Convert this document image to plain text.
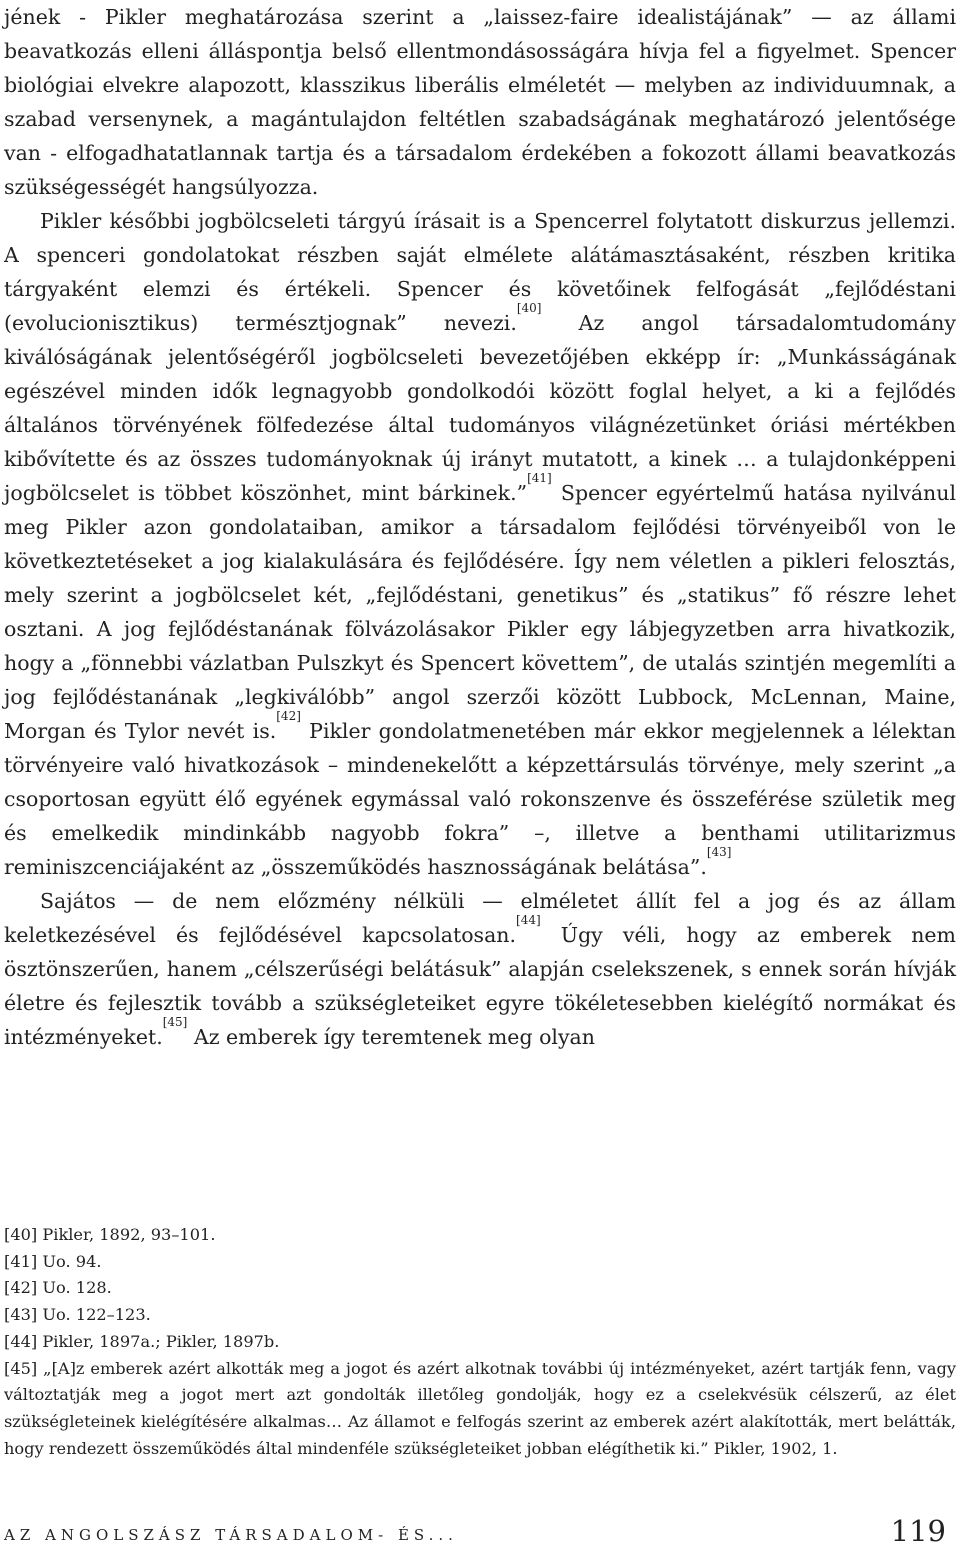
jének - Pikler meghatározása szerint a „laissez-faire idealistájának” — az állami beavatkozás elleni álláspontja belső ellentmondásosságára hívja fel a figyelmet. Spencer biológiai elvekre alapozott, klasszikus liberális elméletét — melyben az individuumnak, a szabad versenynek, a magántulajdon feltétlen szabadságának meghatározó jelentősége van - elfogadhatatlannak tartja és a társadalom érdekében a fokozott állami beavatkozás szükségességét hangsúlyozza.

Pikler későbbi jogbölcseleti tárgyú írásait is a Spencerrel folytatott diskurzus jellemzi. A spenceri gondolatokat részben saját elmélete alátámasztásaként, részben kritika tárgyaként elemzi és értékeli. Spencer és követőinek felfogását „fejlődéstani (evolucionisztikus) természtjognak” nevezi.[40] Az angol társadalomtudomány kiválóságának jelentőségéről jogbölcseleti bevezetőjében ekképp ír: „Munkásságának egészével minden idők legnagyobb gondolkodói között foglal helyet, a ki a fejlődés általános törvényének fölfedezése által tudományos világnézetünket óriási mértékben kibővítette és az összes tudományoknak új irányt mutatott, a kinek … a tulajdonképpeni jogbölcselet is többet köszönhet, mint bárkinek.”[41] Spencer egyértelmű hatása nyilvánul meg Pikler azon gondolataiban, amikor a társadalom fejlődési törvényeiből von le következtetéseket a jog kialakulására és fejlődésére. Így nem véletlen a pikleri felosztás, mely szerint a jogbölcselet két, „fejlődéstani, genetikus” és „statikus” fő részre lehet osztani. A jog fejlődéstanának fölvázolásakor Pikler egy lábjegyzetben arra hivatkozik, hogy a „fönnebbi vázlatban Pulszkyt és Spencert követtem”, de utalás szintjén megemlíti a jog fejlődéstanának „legkiválóbb” angol szerzői között Lubbock, McLennan, Maine, Morgan és Tylor nevét is.[42] Pikler gondolatmenetében már ekkor megjelennek a lélektan törvényeire való hivatkozások – mindenekelőtt a képzettársulás törvénye, mely szerint „a csoportosan együtt élő egyének egymással való rokonszenve és összeférése születik meg és emelkedik mindinkább nagyobb fokra” –, illetve a benthami utilitarizmus reminiszcenciájaként az „összeműködés hasznosságának belátása”.[43]

Sajátos — de nem előzmény nélküli — elméletet állít fel a jog és az állam keletkezésével és fejlődésével kapcsolatosan.[44] Úgy véli, hogy az emberek nem ösztönszerűen, hanem „célszerűségi belátásuk” alapján cselekszenek, s ennek során hívják életre és fejlesztik tovább a szükségleteiket egyre tökéletesebben kielégítő normákat és intézményeket.[45] Az emberek így teremtenek meg olyan

[40] Pikler, 1892, 93–101.

[41] Uo. 94.

[42] Uo. 128.

[43] Uo. 122–123.

[44] Pikler, 1897a.; Pikler, 1897b.

[45] „[A]z emberek azért alkották meg a jogot és azért alkotnak további új intézményeket, azért tartják fenn, vagy változtatják meg a jogot mert azt gondolták illetőleg gondolják, hogy ez a cselekvésük célszerű, az élet szükségleteinek kielégítésére alkalmas… Az államot e felfogás szerint az emberek azért alakították, mert belátták, hogy rendezett összeműködés által mindenféle szükségleteiket jobban elégíthetik ki.” Pikler, 1902, 1.

AZ ANGOLSZÁSZ TÁRSADALOM- ÉS...	119
